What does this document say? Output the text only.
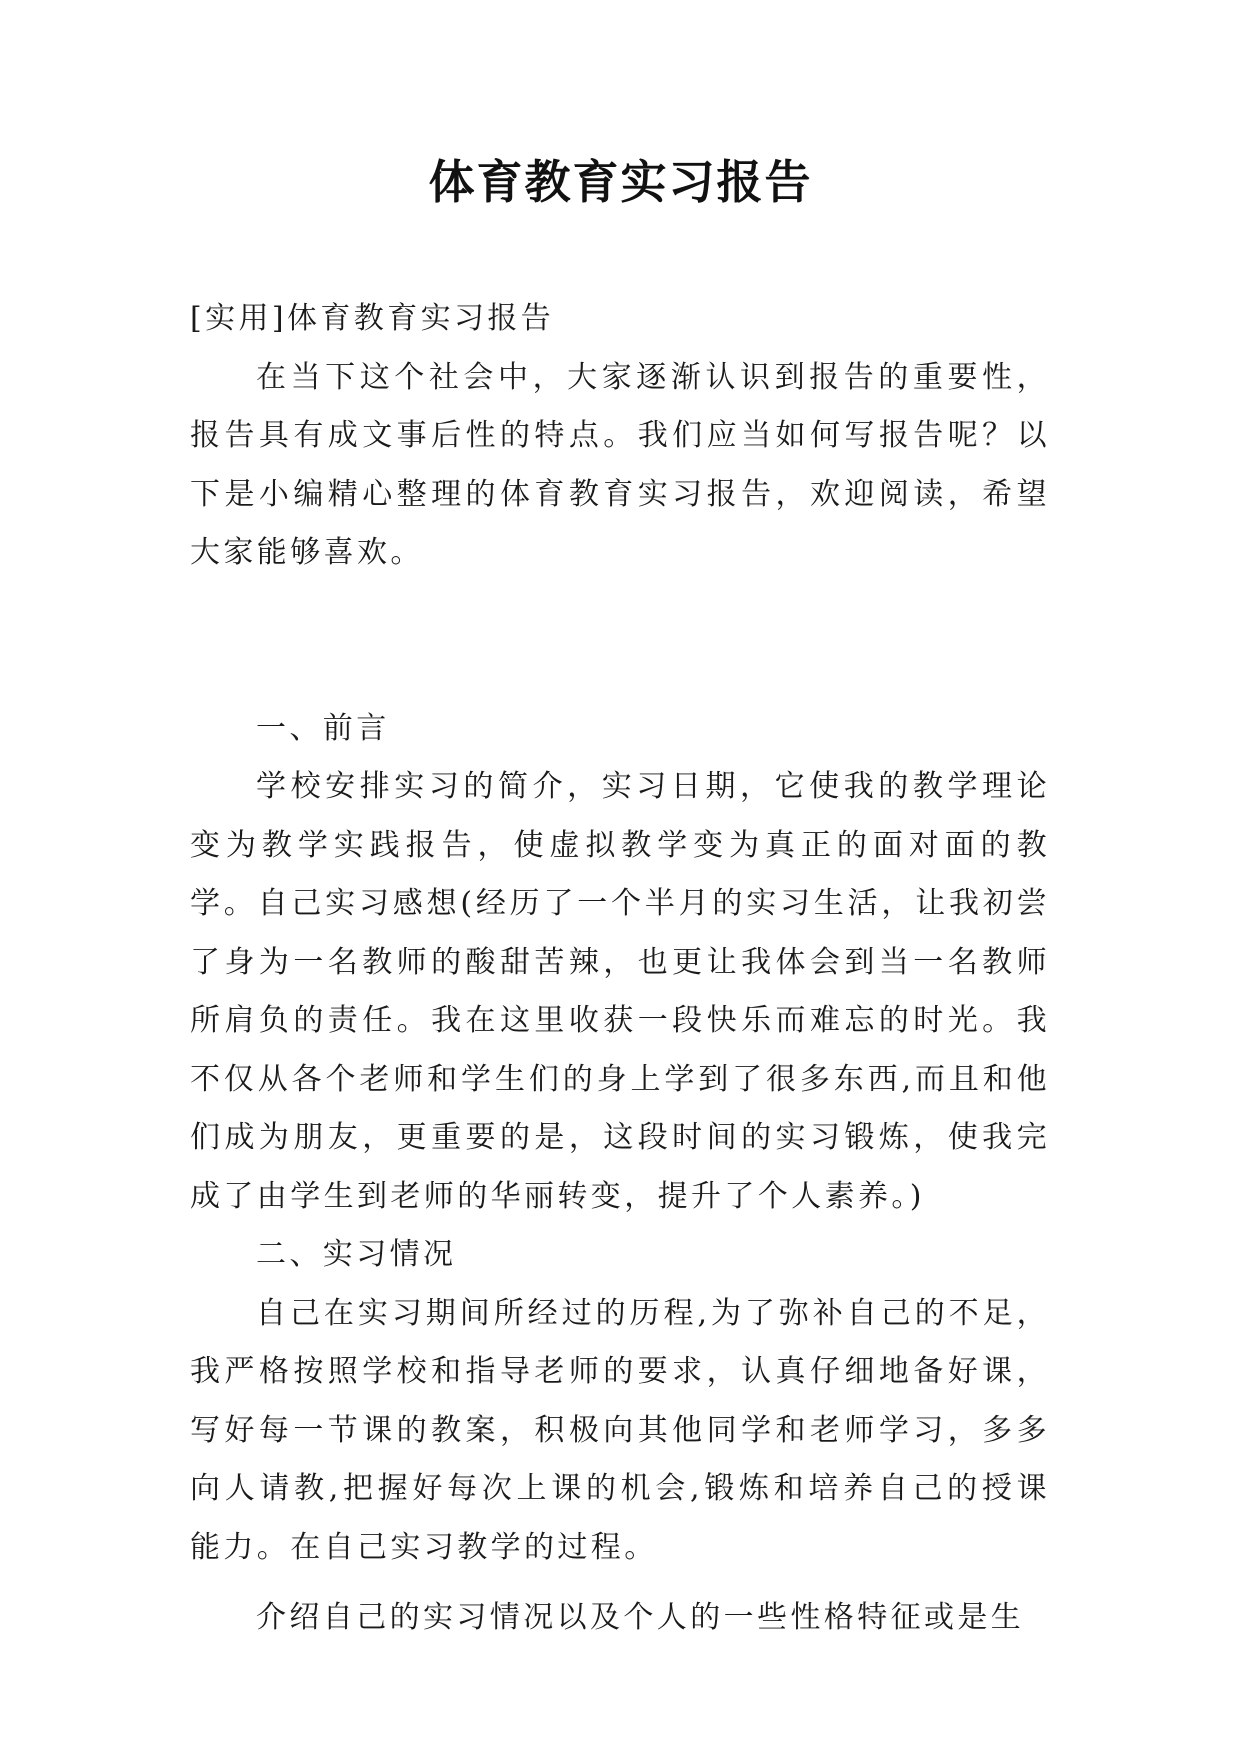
体育教育实习报告

[实用]体育教育实习报告

在当下这个社会中，大家逐渐认识到报告的重要性，报告具有成文事后性的特点。我们应当如何写报告呢？以下是小编精心整理的体育教育实习报告，欢迎阅读，希望大家能够喜欢。

一、前言

学校安排实习的简介，实习日期，它使我的教学理论变为教学实践报告，使虚拟教学变为真正的面对面的教学。自己实习感想(经历了一个半月的实习生活，让我初尝了身为一名教师的酸甜苦辣，也更让我体会到当一名教师所肩负的责任。我在这里收获一段快乐而难忘的时光。我不仅从各个老师和学生们的身上学到了很多东西,而且和他们成为朋友，更重要的是，这段时间的实习锻炼，使我完成了由学生到老师的华丽转变，提升了个人素养。)

二、实习情况

自己在实习期间所经过的历程,为了弥补自己的不足，我严格按照学校和指导老师的要求，认真仔细地备好课，写好每一节课的教案，积极向其他同学和老师学习，多多向人请教,把握好每次上课的机会,锻炼和培养自己的授课能力。在自己实习教学的过程。

介绍自己的实习情况以及个人的一些性格特征或是生
